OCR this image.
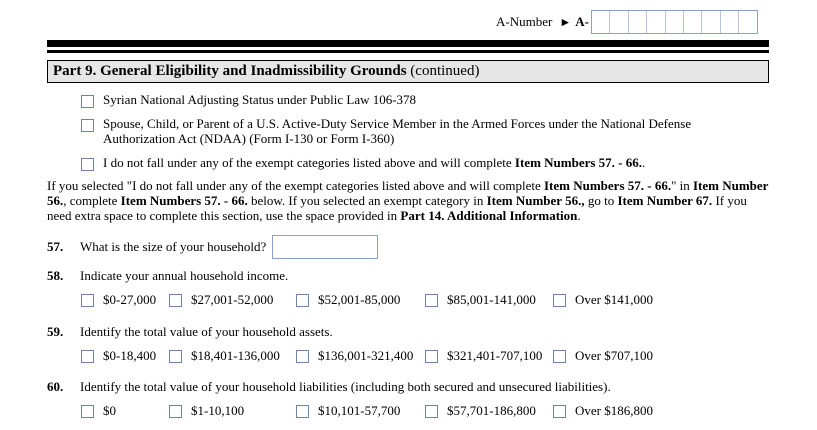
A-Number ► A-
Part 9. General Eligibility and Inadmissibility Grounds (continued)
Syrian National Adjusting Status under Public Law 106-378
Spouse, Child, or Parent of a U.S. Active-Duty Service Member in the Armed Forces under the National Defense
Authorization Act (NDAA) (Form I-130 or Form I-360)
I do not fall under any of the exempt categories listed above and will complete Item Numbers 57. - 66..
If you selected "I do not fall under any of the exempt categories listed above and will complete Item Numbers 57. - 66." in Item Number 56., complete Item Numbers 57. - 66. below. If you selected an exempt category in Item Number 56., go to Item Number 67. If you need extra space to complete this section, use the space provided in Part 14. Additional Information.
57.	What is the size of your household?
58.	Indicate your annual household income.
$0-27,000	$27,001-52,000	$52,001-85,000	$85,001-141,000	Over $141,000
59.	Identify the total value of your household assets.
$0-18,400	$18,401-136,000	$136,001-321,400	$321,401-707,100	Over $707,100
60.	Identify the total value of your household liabilities (including both secured and unsecured liabilities).
$0	$1-10,100	$10,101-57,700	$57,701-186,800	Over $186,800
